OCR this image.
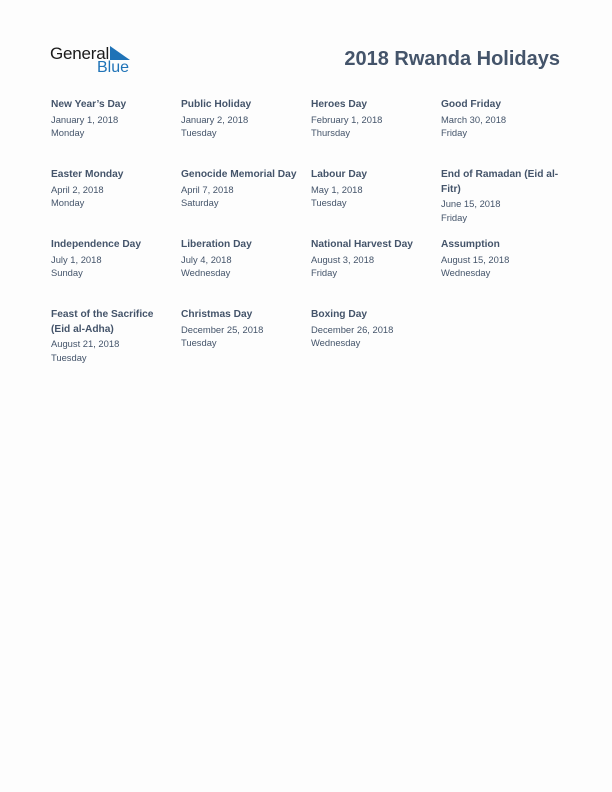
General
Blue	2018 Rwanda Holidays
New Year’s Day
January 1, 2018
Monday
Public Holiday
January 2, 2018
Tuesday
Heroes Day
February 1, 2018
Thursday
Good Friday
March 30, 2018
Friday
Easter Monday
April 2, 2018
Monday
Genocide Memorial Day
April 7, 2018
Saturday
Labour Day
May 1, 2018
Tuesday
End of Ramadan (Eid al-Fitr)
June 15, 2018
Friday
Independence Day
July 1, 2018
Sunday
Liberation Day
July 4, 2018
Wednesday
National Harvest Day
August 3, 2018
Friday
Assumption
August 15, 2018
Wednesday
Feast of the Sacrifice (Eid al-Adha)
August 21, 2018
Tuesday
Christmas Day
December 25, 2018
Tuesday
Boxing Day
December 26, 2018
Wednesday
